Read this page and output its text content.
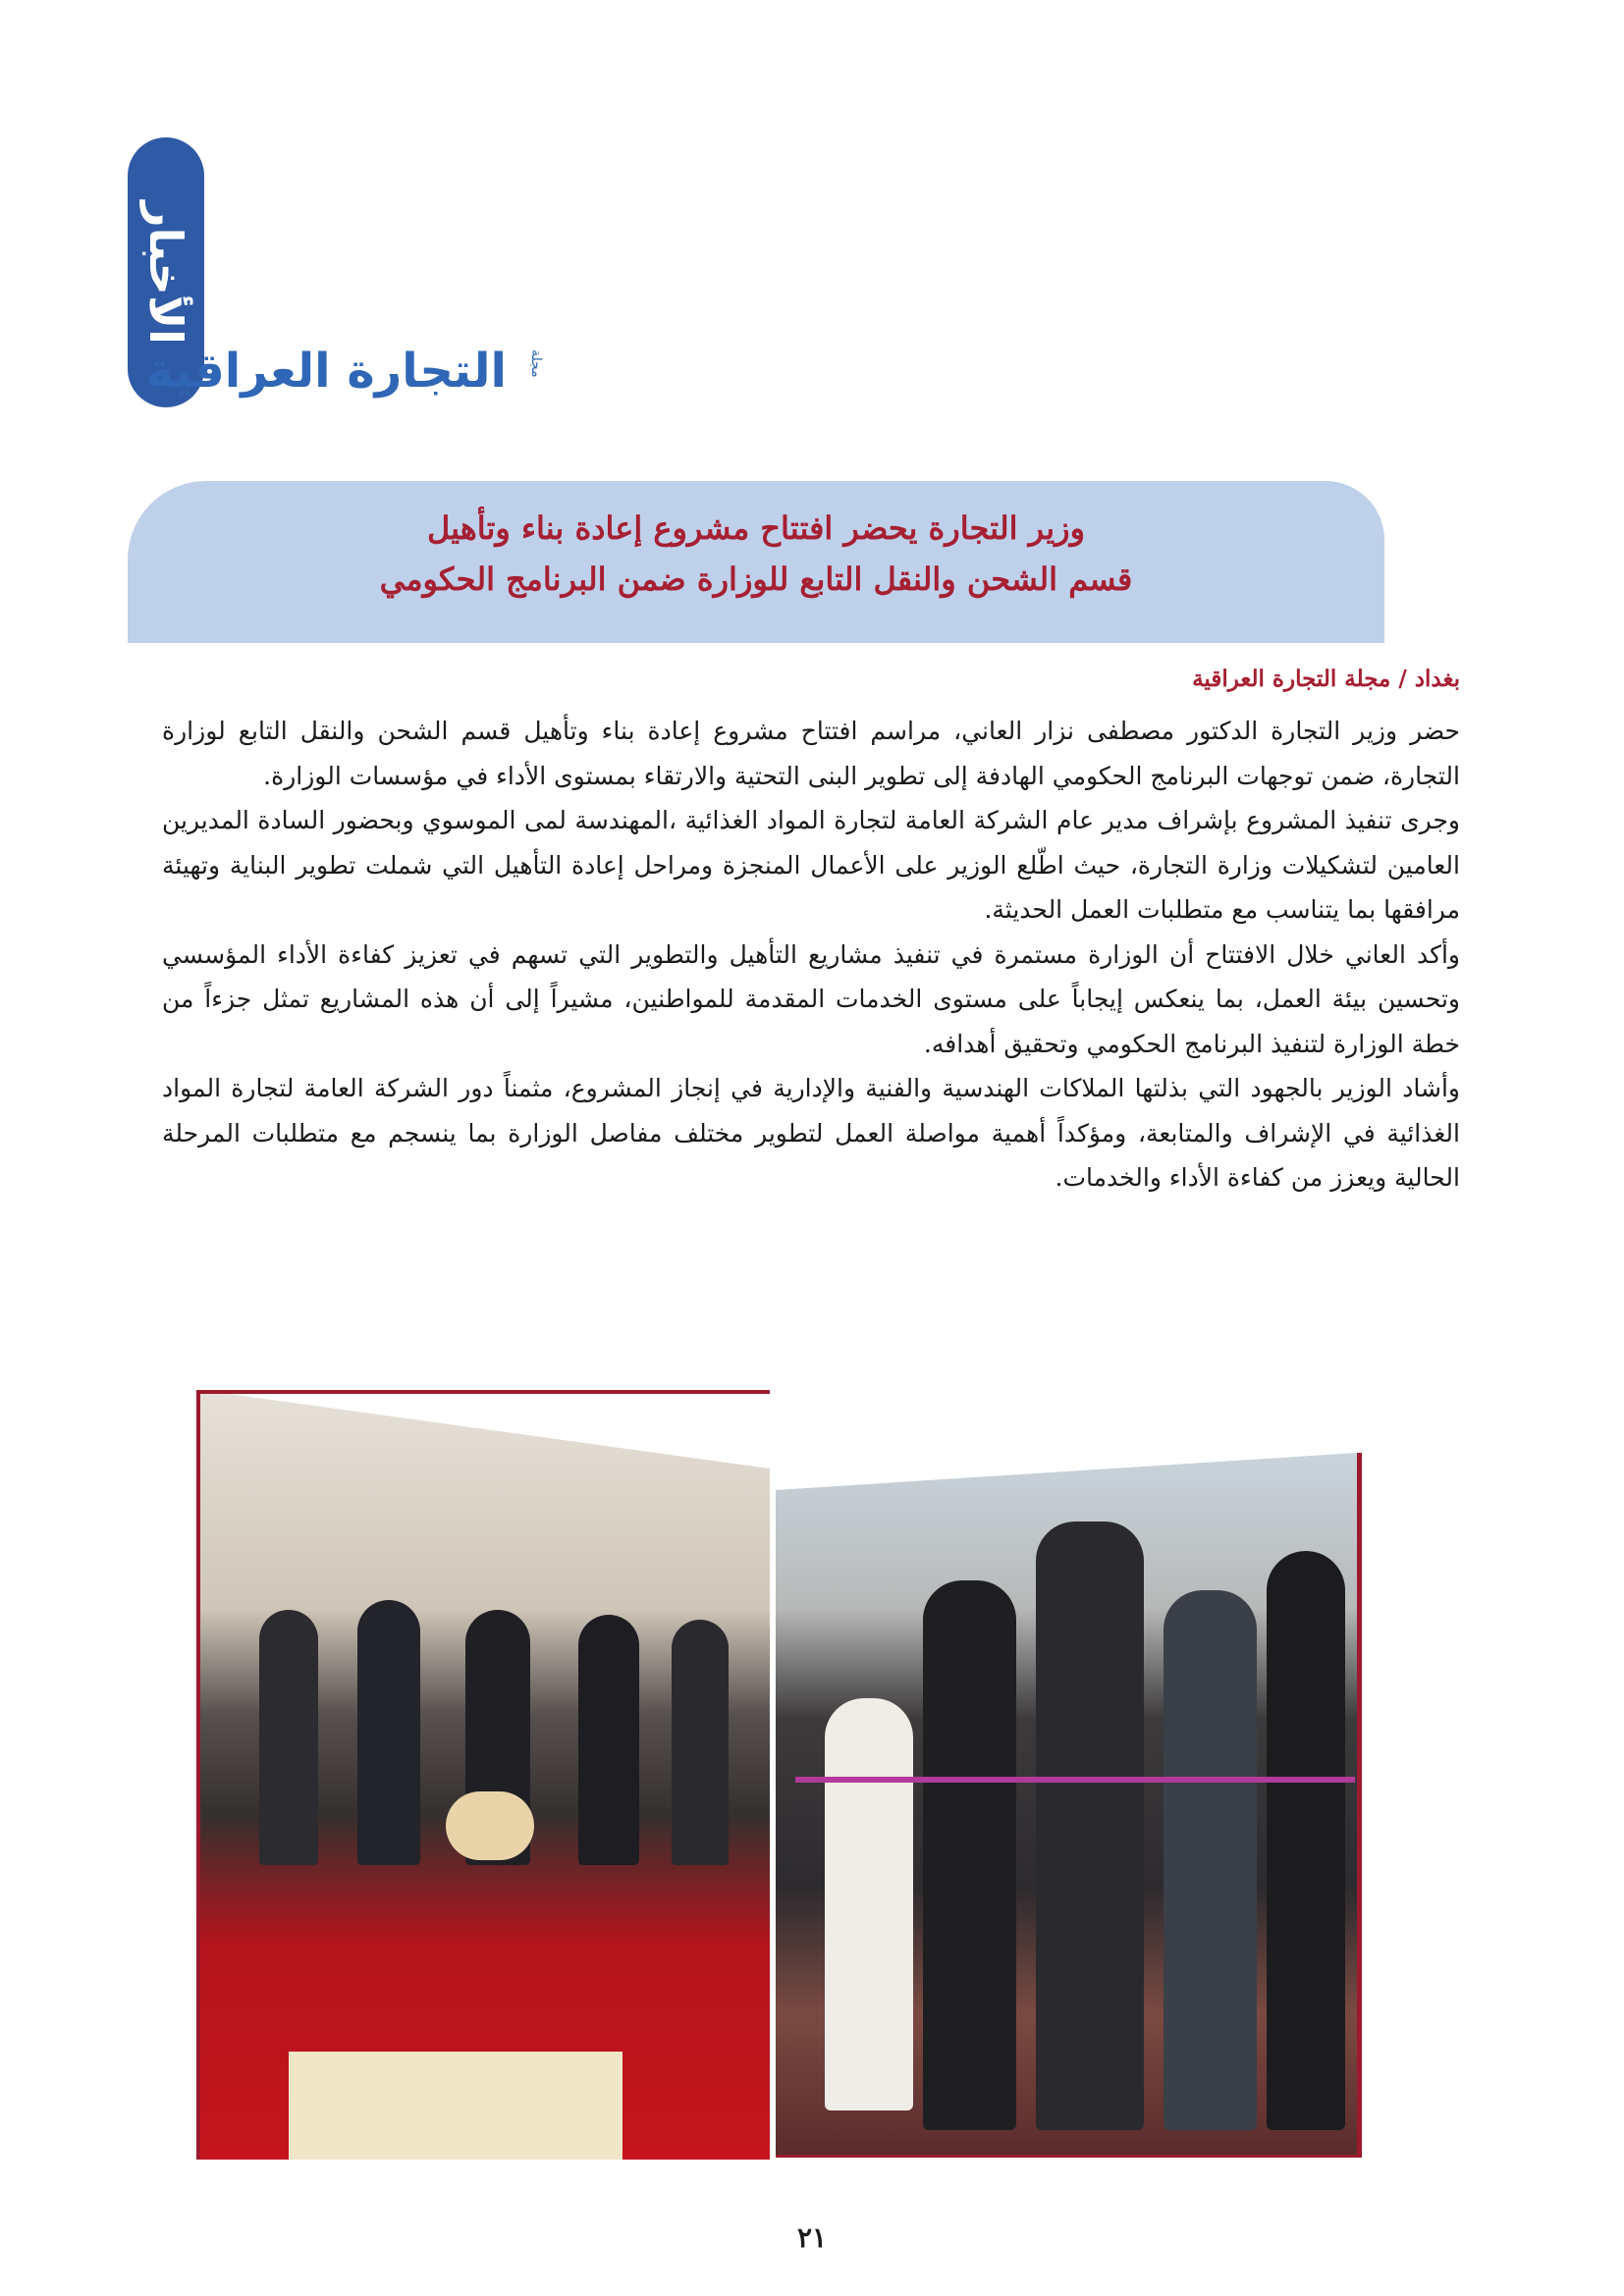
الأخبار
التجارة العراقية	مجلة
وزير التجارة يحضر افتتاح مشروع إعادة بناء وتأهيل
قسم الشحن والنقل التابع للوزارة ضمن البرنامج الحكومي
بغداد / مجلة التجارة العراقية

حضر وزير التجارة الدكتور مصطفى نزار العاني، مراسم افتتاح مشروع إعادة بناء وتأهيل قسم الشحن والنقل التابع لوزارة التجارة، ضمن توجهات البرنامج الحكومي الهادفة إلى تطوير البنى التحتية والارتقاء بمستوى الأداء في مؤسسات الوزارة.

وجرى تنفيذ المشروع بإشراف مدير عام الشركة العامة لتجارة المواد الغذائية ،المهندسة لمى الموسوي وبحضور السادة المديرين العامين لتشكيلات وزارة التجارة، حيث اطّلع الوزير على الأعمال المنجزة ومراحل إعادة التأهيل التي شملت تطوير البناية وتهيئة مرافقها بما يتناسب مع متطلبات العمل الحديثة.

وأكد العاني خلال الافتتاح أن الوزارة مستمرة في تنفيذ مشاريع التأهيل والتطوير التي تسهم في تعزيز كفاءة الأداء المؤسسي وتحسين بيئة العمل، بما ينعكس إيجاباً على مستوى الخدمات المقدمة للمواطنين، مشيراً إلى أن هذه المشاريع تمثل جزءاً من خطة الوزارة لتنفيذ البرنامج الحكومي وتحقيق أهدافه.

وأشاد الوزير بالجهود التي بذلتها الملاكات الهندسية والفنية والإدارية في إنجاز المشروع، مثمناً دور الشركة العامة لتجارة المواد الغذائية في الإشراف والمتابعة، ومؤكداً أهمية مواصلة العمل لتطوير مختلف مفاصل الوزارة بما ينسجم مع متطلبات المرحلة الحالية ويعزز من كفاءة الأداء والخدمات.

٢١
